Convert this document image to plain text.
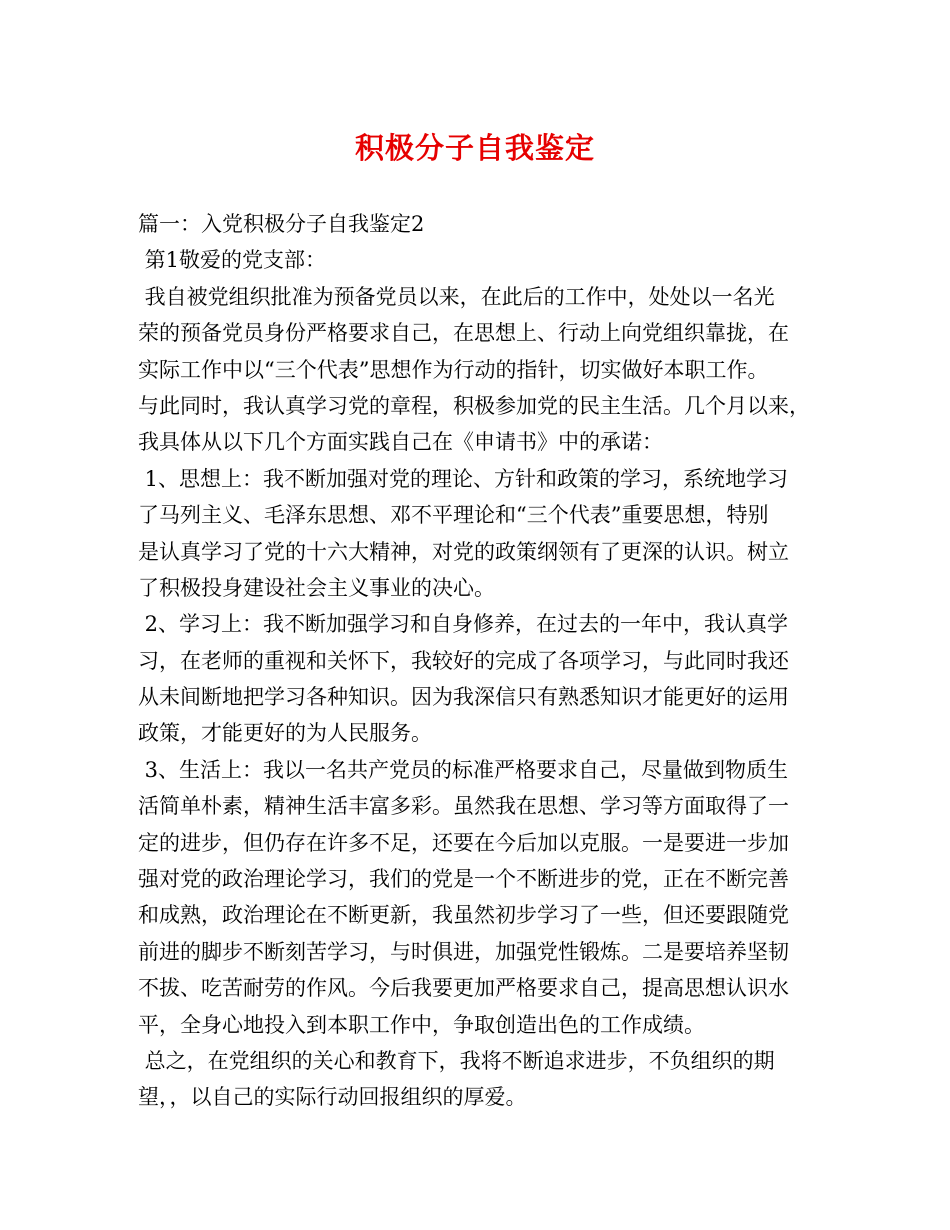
积极分子自我鉴定
篇一：入党积极分子自我鉴定2
第1敬爱的党支部：
我自被党组织批准为预备党员以来，在此后的工作中，处处以一名光
荣的预备党员身份严格要求自己，在思想上、行动上向党组织靠拢，在
实际工作中以“三个代表”思想作为行动的指针，切实做好本职工作。
与此同时，我认真学习党的章程，积极参加党的民主生活。几个月以来，
我具体从以下几个方面实践自己在《申请书》中的承诺：
1、思想上：我不断加强对党的理论、方针和政策的学习，系统地学习
了马列主义、毛泽东思想、邓不平理论和“三个代表”重要思想，特别
是认真学习了党的十六大精神，对党的政策纲领有了更深的认识。树立
了积极投身建设社会主义事业的决心。
2、学习上：我不断加强学习和自身修养，在过去的一年中，我认真学
习，在老师的重视和关怀下，我较好的完成了各项学习，与此同时我还
从未间断地把学习各种知识。因为我深信只有熟悉知识才能更好的运用
政策，才能更好的为人民服务。
3、生活上：我以一名共产党员的标准严格要求自己，尽量做到物质生
活简单朴素，精神生活丰富多彩。虽然我在思想、学习等方面取得了一
定的进步，但仍存在许多不足，还要在今后加以克服。一是要进一步加
强对党的政治理论学习，我们的党是一个不断进步的党，正在不断完善
和成熟，政治理论在不断更新，我虽然初步学习了一些，但还要跟随党
前进的脚步不断刻苦学习，与时俱进，加强党性锻炼。二是要培养坚韧
不拔、吃苦耐劳的作风。今后我要更加严格要求自己，提高思想认识水
平，全身心地投入到本职工作中，争取创造出色的工作成绩。
总之，在党组织的关心和教育下，我将不断追求进步，不负组织的期
望，，以自己的实际行动回报组织的厚爱。
